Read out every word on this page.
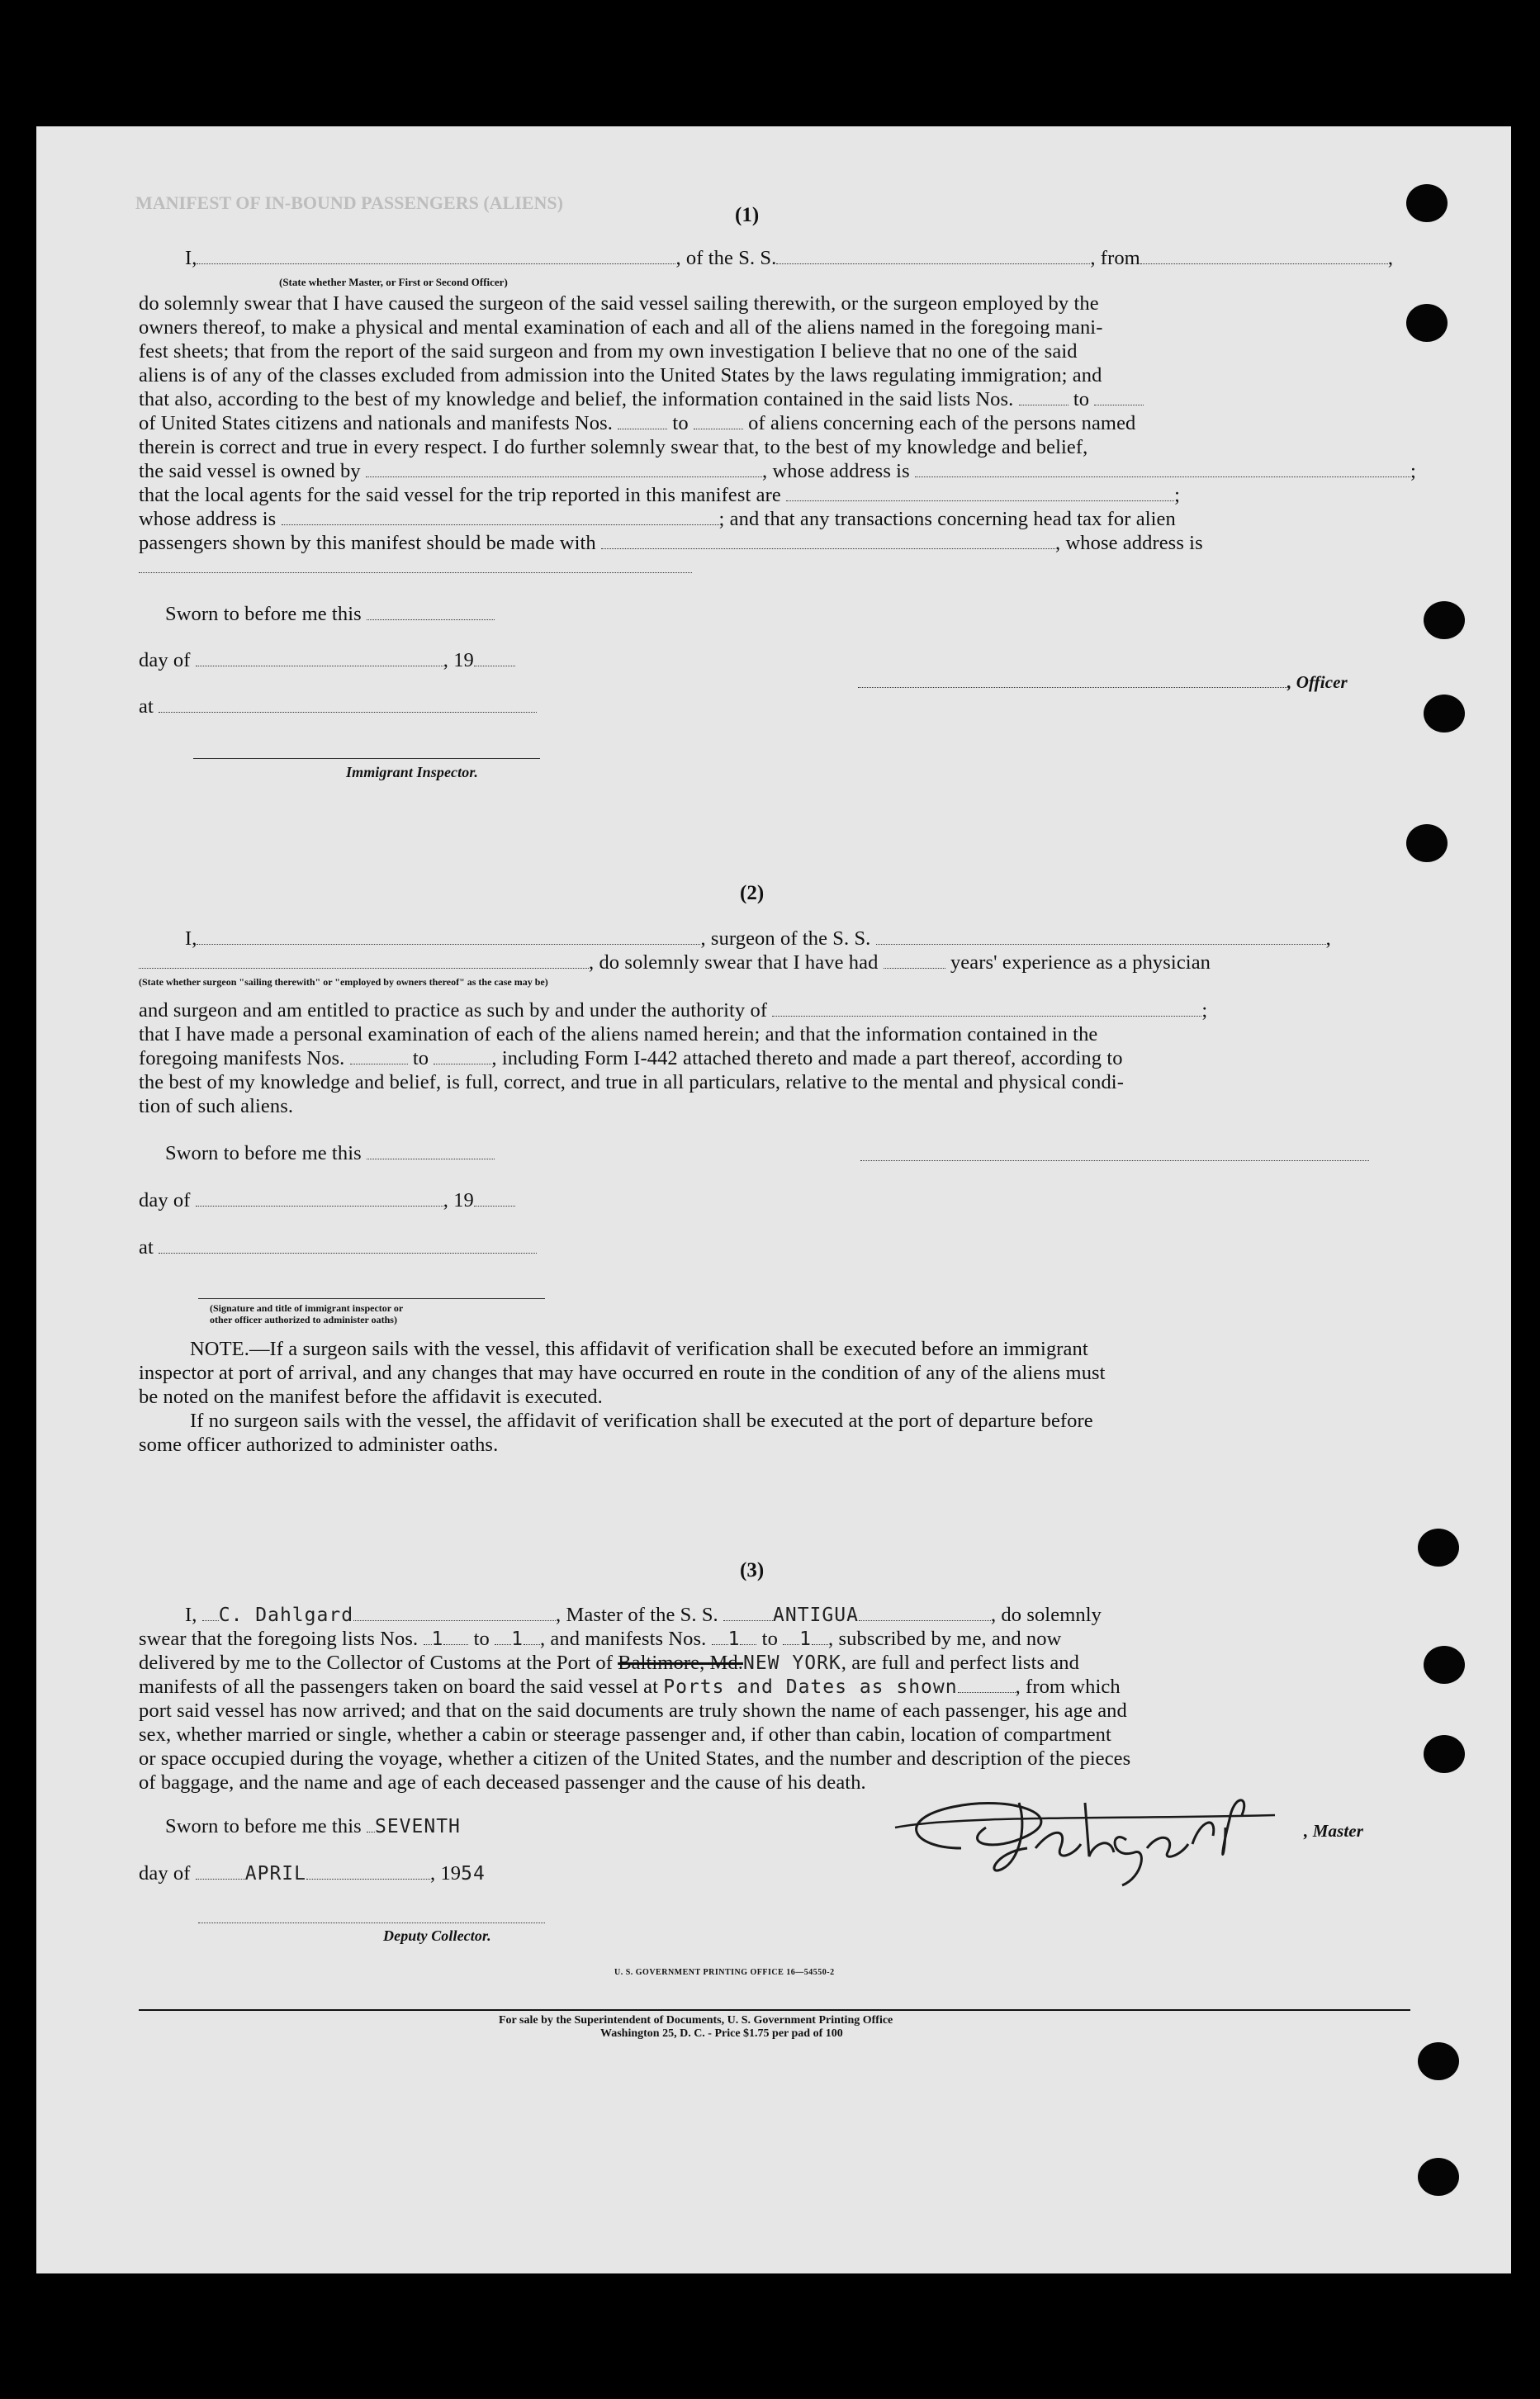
MANIFEST OF IN-BOUND PASSENGERS (ALIENS)
(1)
I,	, of the S. S.	, from	,
(State whether Master, or First or Second Officer)
do solemnly swear that I have caused the surgeon of the said vessel sailing therewith, or the surgeon employed by the
owners thereof, to make a physical and mental examination of each and all of the aliens named in the foregoing mani-
fest sheets; that from the report of the said surgeon and from my own investigation I believe that no one of the said
aliens is of any of the classes excluded from admission into the United States by the laws regulating immigration; and
that also, according to the best of my knowledge and belief, the information contained in the said lists Nos.	to
of United States citizens and nationals and manifests Nos.	to	of aliens concerning each of the persons named
therein is correct and true in every respect. I do further solemnly swear that, to the best of my knowledge and belief,
the said vessel is owned by	, whose address is	;
that the local agents for the said vessel for the trip reported in this manifest are	;
whose address is	; and that any transactions concerning head tax for alien
passengers shown by this manifest should be made with	, whose address is
Sworn to before me this
day of	, 19
at
, Officer
Immigrant Inspector.
(2)
I,	, surgeon of the S. S.	,
, do solemnly swear that I have had	years' experience as a physician
(State whether surgeon "sailing therewith" or "employed by owners thereof" as the case may be)
and surgeon and am entitled to practice as such by and under the authority of	;
that I have made a personal examination of each of the aliens named herein; and that the information contained in the
foregoing manifests Nos.	to	, including Form I-442 attached thereto and made a part thereof, according to
the best of my knowledge and belief, is full, correct, and true in all particulars, relative to the mental and physical condi-
tion of such aliens.
Sworn to before me this
day of	, 19
at
(Signature and title of immigrant inspector or
other officer authorized to administer oaths)
NOTE.—If a surgeon sails with the vessel, this affidavit of verification shall be executed before an immigrant
inspector at port of arrival, and any changes that may have occurred en route in the condition of any of the aliens must
be noted on the manifest before the affidavit is executed.
If no surgeon sails with the vessel, the affidavit of verification shall be executed at the port of departure before
some officer authorized to administer oaths.
(3)
I, C. Dahlgard	, Master of the S. S.	ANTIGUA	, do solemnly
swear that the foregoing lists Nos. 1 to 1 , and manifests Nos. 1 to 1 , subscribed by me, and now
delivered by me to the Collector of Customs at the Port of Baltimore, Md.NEW YORK, are full and perfect lists and
manifests of all the passengers taken on board the said vessel at Ports and Dates as shown	, from which
port said vessel has now arrived; and that on the said documents are truly shown the name of each passenger, his age and
sex, whether married or single, whether a cabin or steerage passenger and, if other than cabin, location of compartment
or space occupied during the voyage, whether a citizen of the United States, and the number and description of the pieces
of baggage, and the name and age of each deceased passenger and the cause of his death.
Sworn to before me this SEVENTH
day of	APRIL	, 1954
, Master
Deputy Collector.
U. S. GOVERNMENT PRINTING OFFICE 16—54550-2
For sale by the Superintendent of Documents, U. S. Government Printing Office
Washington 25, D. C. - Price $1.75 per pad of 100
